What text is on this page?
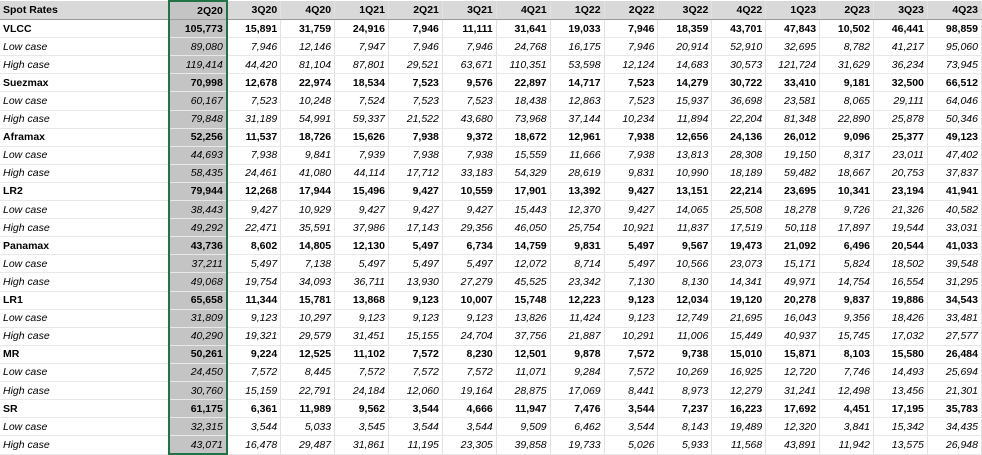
Spot Rates	2Q20	3Q20	4Q20	1Q21	2Q21	3Q21	4Q21	1Q22	2Q22	3Q22	4Q22	1Q23	2Q23	3Q23	4Q23
VLCC	105,773	15,891	31,759	24,916	7,946	11,111	31,641	19,033	7,946	18,359	43,701	47,843	10,502	46,441	98,859
Low case	89,080	7,946	12,146	7,947	7,946	7,946	24,768	16,175	7,946	20,914	52,910	32,695	8,782	41,217	95,060
High case	119,414	44,420	81,104	87,801	29,521	63,671	110,351	53,598	12,124	14,683	30,573	121,724	31,629	36,234	73,945
Suezmax	70,998	12,678	22,974	18,534	7,523	9,576	22,897	14,717	7,523	14,279	30,722	33,410	9,181	32,500	66,512
Low case	60,167	7,523	10,248	7,524	7,523	7,523	18,438	12,863	7,523	15,937	36,698	23,581	8,065	29,111	64,046
High case	79,848	31,189	54,991	59,337	21,522	43,680	73,968	37,144	10,234	11,894	22,204	81,348	22,890	25,878	50,346
Aframax	52,256	11,537	18,726	15,626	7,938	9,372	18,672	12,961	7,938	12,656	24,136	26,012	9,096	25,377	49,123
Low case	44,693	7,938	9,841	7,939	7,938	7,938	15,559	11,666	7,938	13,813	28,308	19,150	8,317	23,011	47,402
High case	58,435	24,461	41,080	44,114	17,712	33,183	54,329	28,619	9,831	10,990	18,189	59,482	18,667	20,753	37,837
LR2	79,944	12,268	17,944	15,496	9,427	10,559	17,901	13,392	9,427	13,151	22,214	23,695	10,341	23,194	41,941
Low case	38,443	9,427	10,929	9,427	9,427	9,427	15,443	12,370	9,427	14,065	25,508	18,278	9,726	21,326	40,582
High case	49,292	22,471	35,591	37,986	17,143	29,356	46,050	25,754	10,921	11,837	17,519	50,118	17,897	19,544	33,031
Panamax	43,736	8,602	14,805	12,130	5,497	6,734	14,759	9,831	5,497	9,567	19,473	21,092	6,496	20,544	41,033
Low case	37,211	5,497	7,138	5,497	5,497	5,497	12,072	8,714	5,497	10,566	23,073	15,171	5,824	18,502	39,548
High case	49,068	19,754	34,093	36,711	13,930	27,279	45,525	23,342	7,130	8,130	14,341	49,971	14,754	16,554	31,295
LR1	65,658	11,344	15,781	13,868	9,123	10,007	15,748	12,223	9,123	12,034	19,120	20,278	9,837	19,886	34,543
Low case	31,809	9,123	10,297	9,123	9,123	9,123	13,826	11,424	9,123	12,749	21,695	16,043	9,356	18,426	33,481
High case	40,290	19,321	29,579	31,451	15,155	24,704	37,756	21,887	10,291	11,006	15,449	40,937	15,745	17,032	27,577
MR	50,261	9,224	12,525	11,102	7,572	8,230	12,501	9,878	7,572	9,738	15,010	15,871	8,103	15,580	26,484
Low case	24,450	7,572	8,445	7,572	7,572	7,572	11,071	9,284	7,572	10,269	16,925	12,720	7,746	14,493	25,694
High case	30,760	15,159	22,791	24,184	12,060	19,164	28,875	17,069	8,441	8,973	12,279	31,241	12,498	13,456	21,301
SR	61,175	6,361	11,989	9,562	3,544	4,666	11,947	7,476	3,544	7,237	16,223	17,692	4,451	17,195	35,783
Low case	32,315	3,544	5,033	3,545	3,544	3,544	9,509	6,462	3,544	8,143	19,489	12,320	3,841	15,342	34,435
High case	43,071	16,478	29,487	31,861	11,195	23,305	39,858	19,733	5,026	5,933	11,568	43,891	11,942	13,575	26,948
